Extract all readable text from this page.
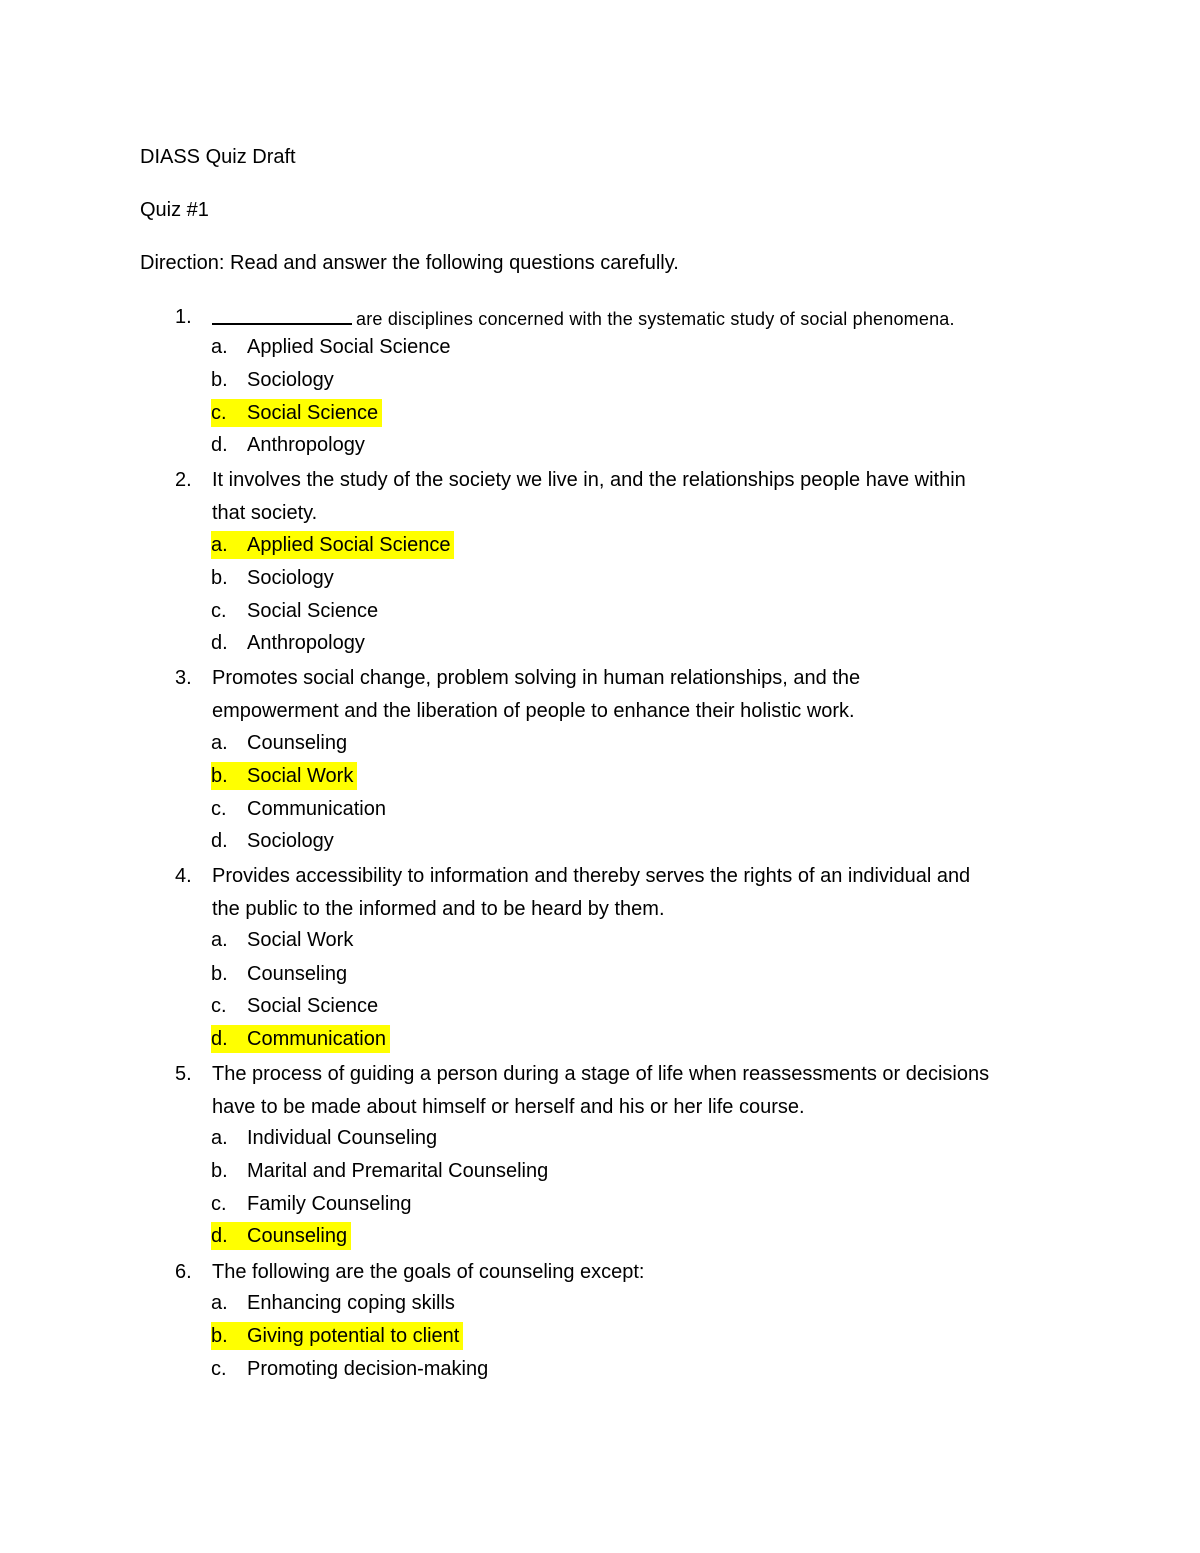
DIASS Quiz Draft
Quiz #1
Direction: Read and answer the following questions carefully.
1.	are disciplines concerned with the systematic study of social phenomena.
a. Applied Social Science
b. Sociology
c. Social Science
d. Anthropology
2. It involves the study of the society we live in, and the relationships people have within
that society.
a. Applied Social Science
b. Sociology
c. Social Science
d. Anthropology
3. Promotes social change, problem solving in human relationships, and the
empowerment and the liberation of people to enhance their holistic work.
a. Counseling
b. Social Work
c. Communication
d. Sociology
4. Provides accessibility to information and thereby serves the rights of an individual and
the public to the informed and to be heard by them.
a. Social Work
b. Counseling
c. Social Science
d. Communication
5. The process of guiding a person during a stage of life when reassessments or decisions
have to be made about himself or herself and his or her life course.
a. Individual Counseling
b. Marital and Premarital Counseling
c. Family Counseling
d. Counseling
6. The following are the goals of counseling except:
a. Enhancing coping skills
b. Giving potential to client
c. Promoting decision-making
